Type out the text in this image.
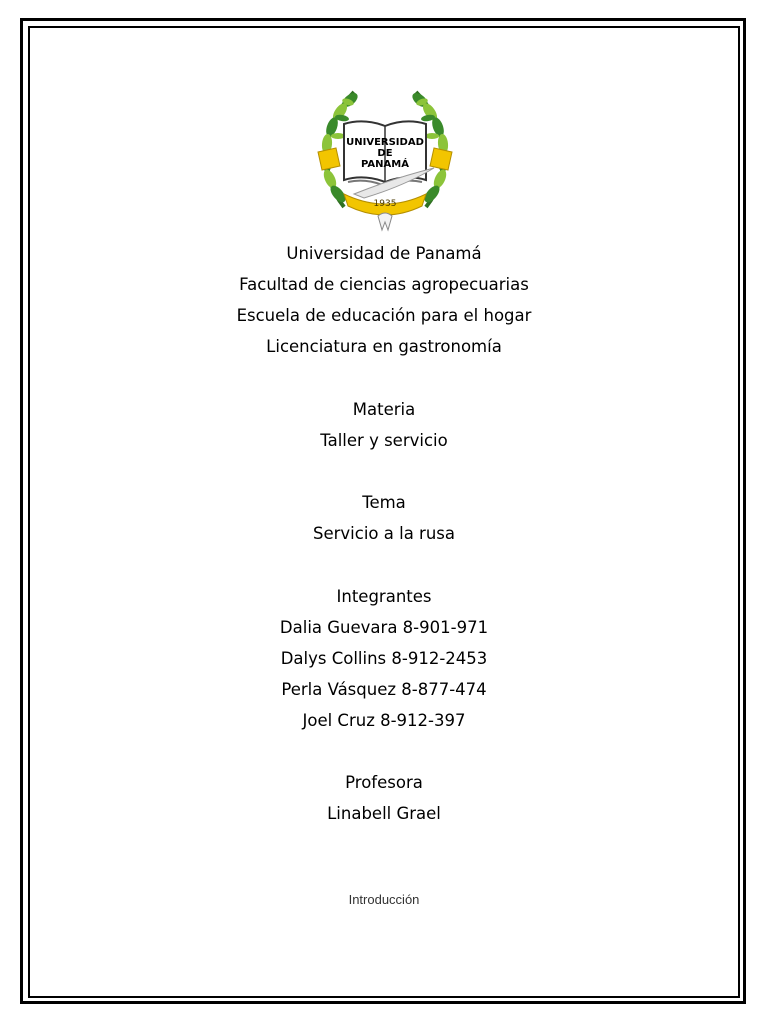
UNIVERSIDAD
DE
PANAMÁ
1935
Universidad de Panamá
Facultad de ciencias agropecuarias
Escuela de educación para el hogar
Licenciatura en gastronomía
Materia
Taller y servicio
Tema
Servicio a la rusa
Integrantes
Dalia Guevara 8-901-971
Dalys Collins 8-912-2453
Perla Vásquez 8-877-474
Joel Cruz 8-912-397
Profesora
Linabell Grael
Introducción
